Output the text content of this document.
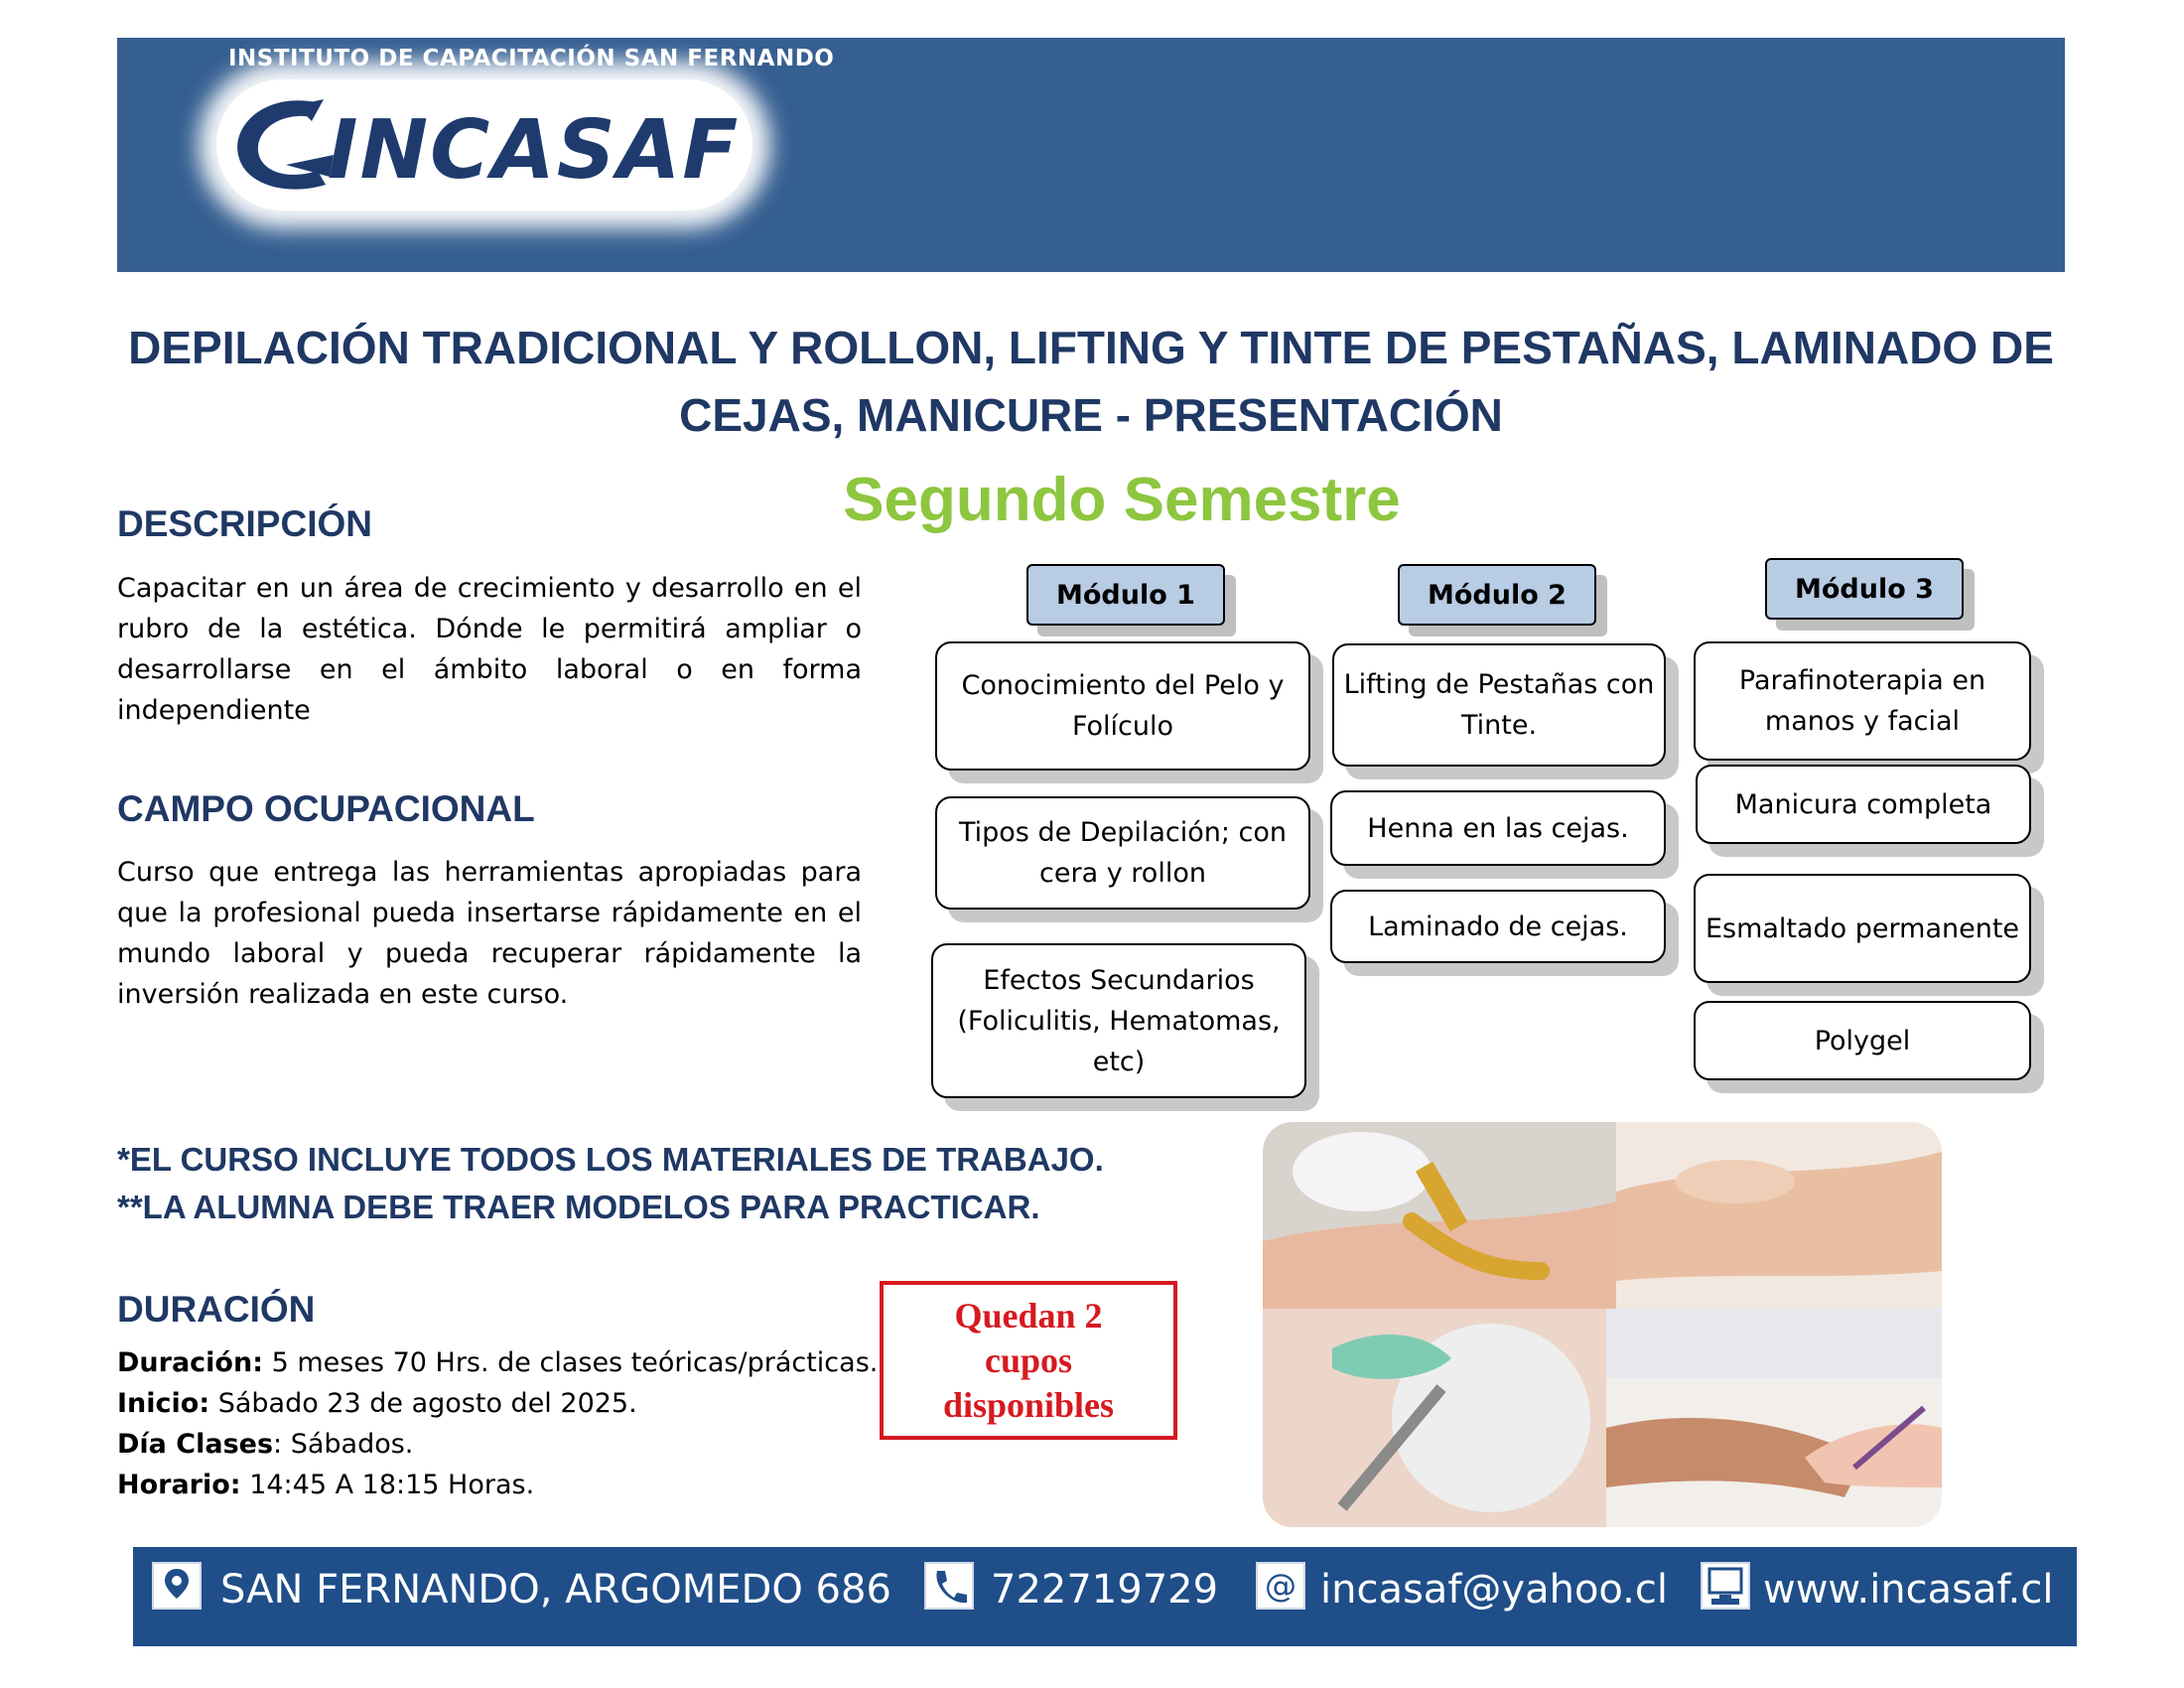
INSTITUTO DE CAPACITACIÓN SAN FERNANDO
INCASAF
DEPILACIÓN TRADICIONAL Y ROLLON, LIFTING Y TINTE DE PESTAÑAS, LAMINADO DE CEJAS, MANICURE - PRESENTACIÓN
Segundo Semestre
DESCRIPCIÓN
Capacitar en un área de crecimiento y desarrollo en el rubro de la estética. Dónde le permitirá ampliar o desarrollarse en el ámbito laboral o en forma independiente
CAMPO OCUPACIONAL
Curso que entrega las herramientas apropiadas para que la profesional pueda insertarse rápidamente en el mundo laboral y pueda recuperar rápidamente la inversión realizada en este curso.
Módulo 1
Conocimiento del Pelo y Folículo
Tipos de Depilación; con cera y rollon
Efectos Secundarios (Foliculitis, Hematomas, etc)
Módulo 2
Lifting de Pestañas con Tinte.
Henna en las cejas.
Laminado de cejas.
Módulo 3
Parafinoterapia en manos y facial
Manicura completa
Esmaltado permanente
Polygel
*EL CURSO INCLUYE TODOS LOS MATERIALES DE TRABAJO.
**LA ALUMNA DEBE TRAER MODELOS PARA PRACTICAR.
DURACIÓN
Duración: 5 meses 70 Hrs. de clases teóricas/prácticas.
Inicio: Sábado 23 de agosto del 2025.
Día Clases: Sábados.
Horario: 14:45 A 18:15 Horas.
Quedan 2
cupos
disponibles
SAN FERNANDO, ARGOMEDO 686	722719729 @ incasaf@yahoo.cl www.incasaf.cl
